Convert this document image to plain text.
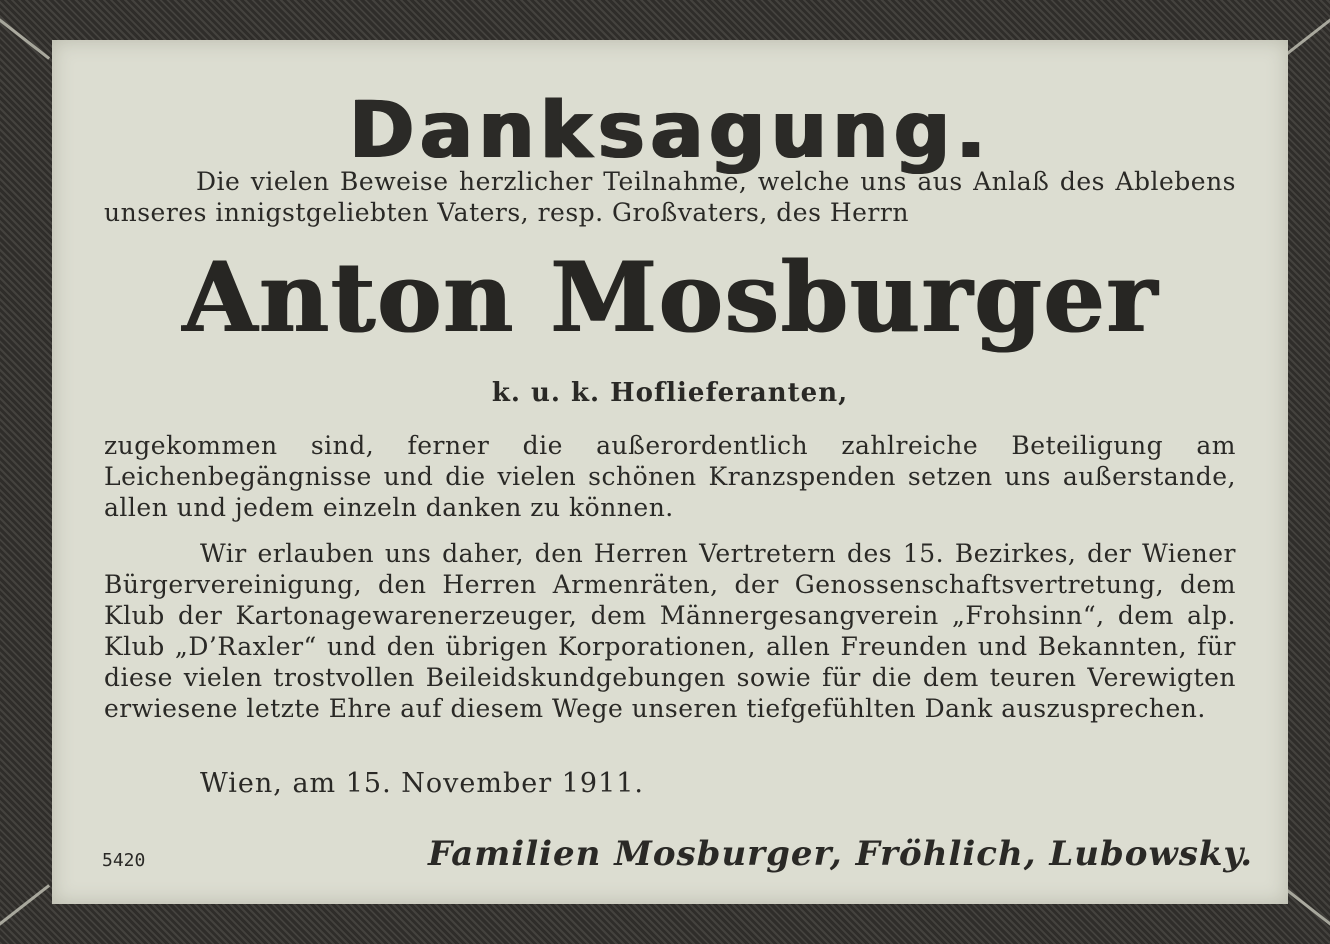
Danksagung.
Die vielen Beweise herzlicher Teilnahme, welche uns aus Anlaß des Ablebens unseres innigstgeliebten Vaters, resp. Großvaters, des Herrn
Anton Mosburger
k. u. k. Hoflieferanten,
zugekommen sind, ferner die außerordentlich zahlreiche Beteiligung am Leichenbegängnisse und die vielen schönen Kranzspenden setzen uns außerstande, allen und jedem einzeln danken zu können.
Wir erlauben uns daher, den Herren Vertretern des 15. Bezirkes, der Wiener Bürgervereinigung, den Herren Armenräten, der Genossenschaftsvertretung, dem Klub der Kartonagewarenerzeuger, dem Männergesangverein „Frohsinn“, dem alp. Klub „D’Raxler“ und den übrigen Korporationen, allen Freunden und Bekannten, für diese vielen trostvollen Beileidskundgebungen sowie für die dem teuren Verewigten erwiesene letzte Ehre auf diesem Wege unseren tiefgefühlten Dank auszusprechen.
Wien, am 15. November 1911.
5420	Familien Mosburger, Fröhlich, Lubowsky.
